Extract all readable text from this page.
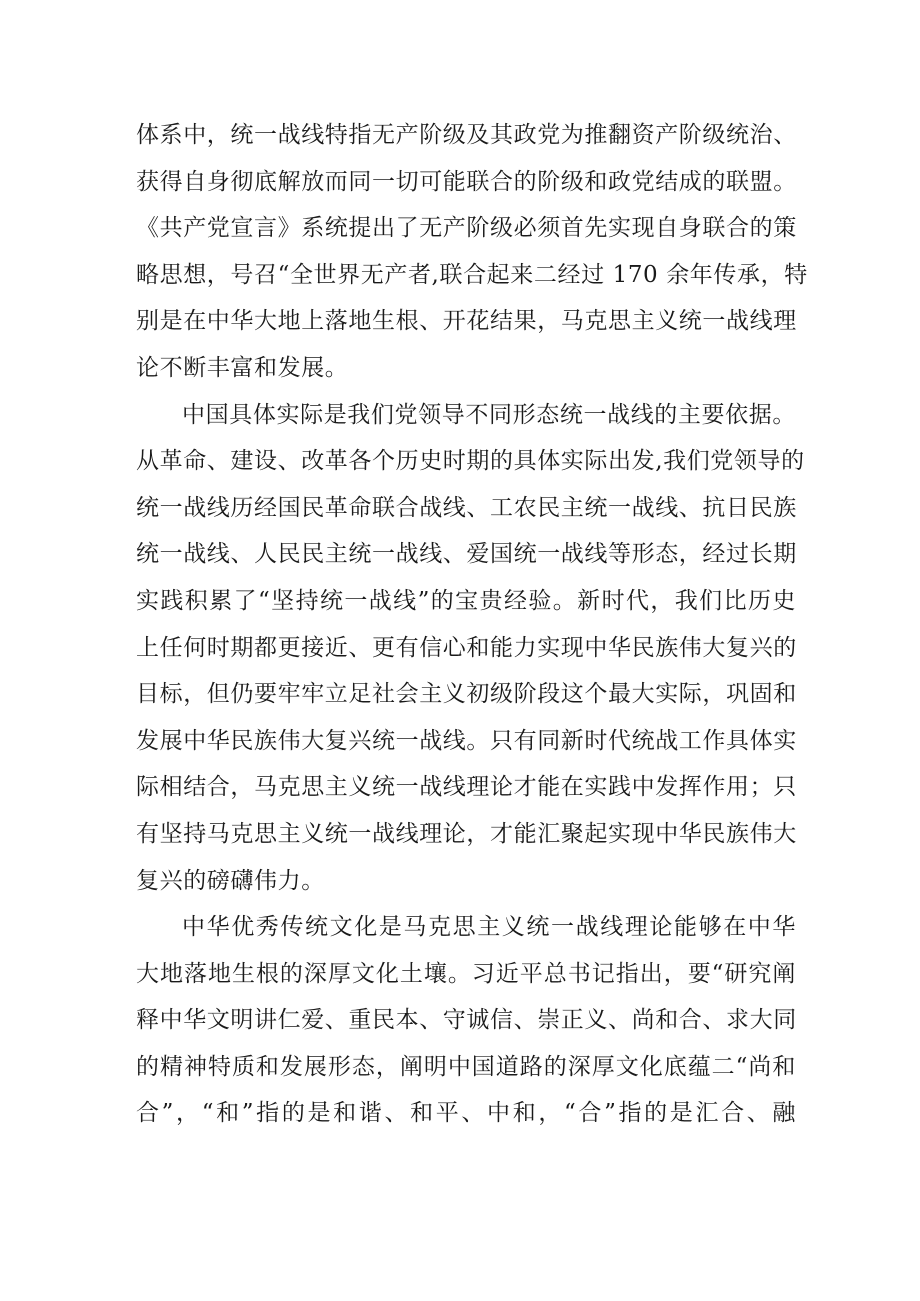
体系中，统一战线特指无产阶级及其政党为推翻资产阶级统治、
获得自身彻底解放而同一切可能联合的阶级和政党结成的联盟。
《共产党宣言》系统提出了无产阶级必须首先实现自身联合的策
略思想，号召“全世界无产者,联合起来二经过 170 余年传承，特
别是在中华大地上落地生根、开花结果，马克思主义统一战线理
论不断丰富和发展。
中国具体实际是我们党领导不同形态统一战线的主要依据。
从革命、建设、改革各个历史时期的具体实际出发,我们党领导的
统一战线历经国民革命联合战线、工农民主统一战线、抗日民族
统一战线、人民民主统一战线、爱国统一战线等形态，经过长期
实践积累了“坚持统一战线”的宝贵经验。新时代，我们比历史
上任何时期都更接近、更有信心和能力实现中华民族伟大复兴的
目标，但仍要牢牢立足社会主义初级阶段这个最大实际，巩固和
发展中华民族伟大复兴统一战线。只有同新时代统战工作具体实
际相结合，马克思主义统一战线理论才能在实践中发挥作用；只
有坚持马克思主义统一战线理论，才能汇聚起实现中华民族伟大
复兴的磅礴伟力。
中华优秀传统文化是马克思主义统一战线理论能够在中华
大地落地生根的深厚文化土壤。习近平总书记指出，要“研究阐
释中华文明讲仁爱、重民本、守诚信、崇正义、尚和合、求大同
的精神特质和发展形态，阐明中国道路的深厚文化底蕴二“尚和
合”，“和”指的是和谐、和平、中和，“合”指的是汇合、融
